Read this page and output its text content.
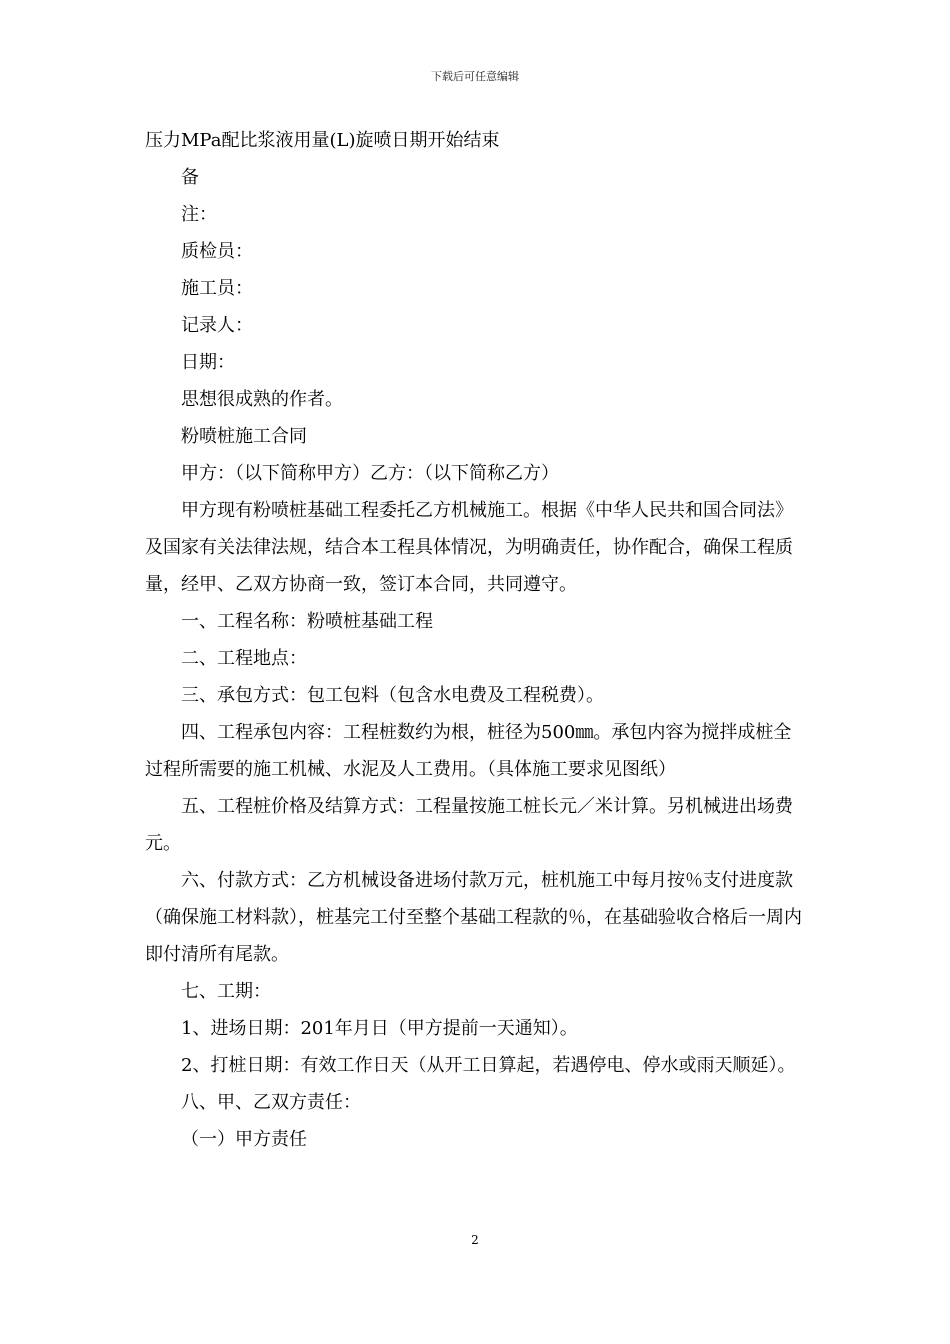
下载后可任意编辑

压力MPa配比浆液用量(L)旋喷日期开始结束

备

注：

质检员：

施工员：

记录人：

日期：

思想很成熟的作者。

粉喷桩施工合同

甲方：（以下简称甲方）乙方：（以下简称乙方）

甲方现有粉喷桩基础工程委托乙方机械施工。根据《中华人民共和国合同法》及国家有关法律法规，结合本工程具体情况，为明确责任，协作配合，确保工程质量，经甲、乙双方协商一致，签订本合同，共同遵守。

一、工程名称：粉喷桩基础工程

二、工程地点：

三、承包方式：包工包料（包含水电费及工程税费）。

四、工程承包内容：工程桩数约为根，桩径为500㎜。承包内容为搅拌成桩全过程所需要的施工机械、水泥及人工费用。（具体施工要求见图纸）

五、工程桩价格及结算方式：工程量按施工桩长元／米计算。另机械进出场费元。

六、付款方式：乙方机械设备进场付款万元，桩机施工中每月按％支付进度款（确保施工材料款），桩基完工付至整个基础工程款的％，在基础验收合格后一周内即付清所有尾款。

七、工期：

1、进场日期：201年月日（甲方提前一天通知）。

2、打桩日期：有效工作日天（从开工日算起，若遇停电、停水或雨天顺延）。

八、甲、乙双方责任：

（一）甲方责任

2
